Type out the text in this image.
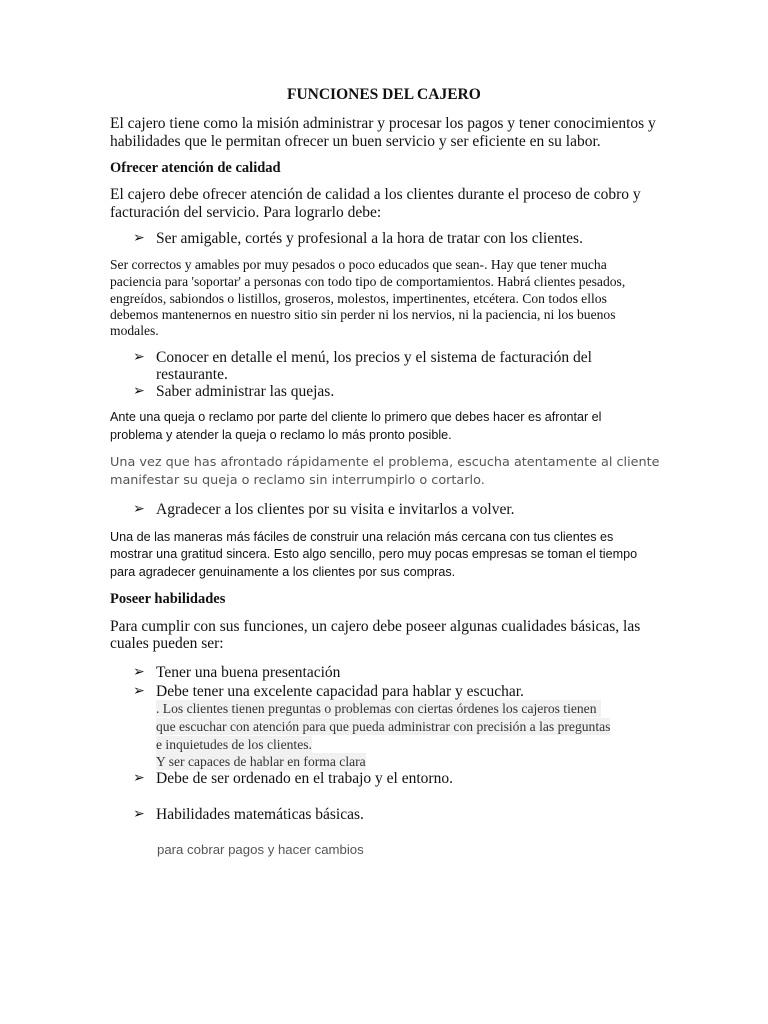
FUNCIONES DEL CAJERO
El cajero tiene como la misión administrar y procesar los pagos y tener conocimientos y
habilidades que le permitan ofrecer un buen servicio y ser eficiente en su labor.
Ofrecer atención de calidad
El cajero debe ofrecer atención de calidad a los clientes durante el proceso de cobro y
facturación del servicio. Para lograrlo debe:
➢ Ser amigable, cortés y profesional a la hora de tratar con los clientes.
Ser correctos y amables por muy pesados o poco educados que sean-. Hay que tener mucha
paciencia para 'soportar' a personas con todo tipo de comportamientos. Habrá clientes pesados,
engreídos, sabiondos o listillos, groseros, molestos, impertinentes, etcétera. Con todos ellos
debemos mantenernos en nuestro sitio sin perder ni los nervios, ni la paciencia, ni los buenos
modales.
➢ Conocer en detalle el menú, los precios y el sistema de facturación del
restaurante.
➢ Saber administrar las quejas.
Ante una queja o reclamo por parte del cliente lo primero que debes hacer es afrontar el
problema y atender la queja o reclamo lo más pronto posible.
Una vez que has afrontado rápidamente el problema, escucha atentamente al cliente
manifestar su queja o reclamo sin interrumpirlo o cortarlo.
➢ Agradecer a los clientes por su visita e invitarlos a volver.
Una de las maneras más fáciles de construir una relación más cercana con tus clientes es
mostrar una gratitud sincera. Esto algo sencillo, pero muy pocas empresas se toman el tiempo
para agradecer genuinamente a los clientes por sus compras.
Poseer habilidades
Para cumplir con sus funciones, un cajero debe poseer algunas cualidades básicas, las
cuales pueden ser:
➢ Tener una buena presentación
➢ Debe tener una excelente capacidad para hablar y escuchar.
. Los clientes tienen preguntas o problemas con ciertas órdenes los cajeros tienen
que escuchar con atención para que pueda administrar con precisión a las preguntas
e inquietudes de los clientes.
Y ser capaces de hablar en forma clara
➢ Debe de ser ordenado en el trabajo y el entorno.
➢ Habilidades matemáticas básicas.
para cobrar pagos y hacer cambios
